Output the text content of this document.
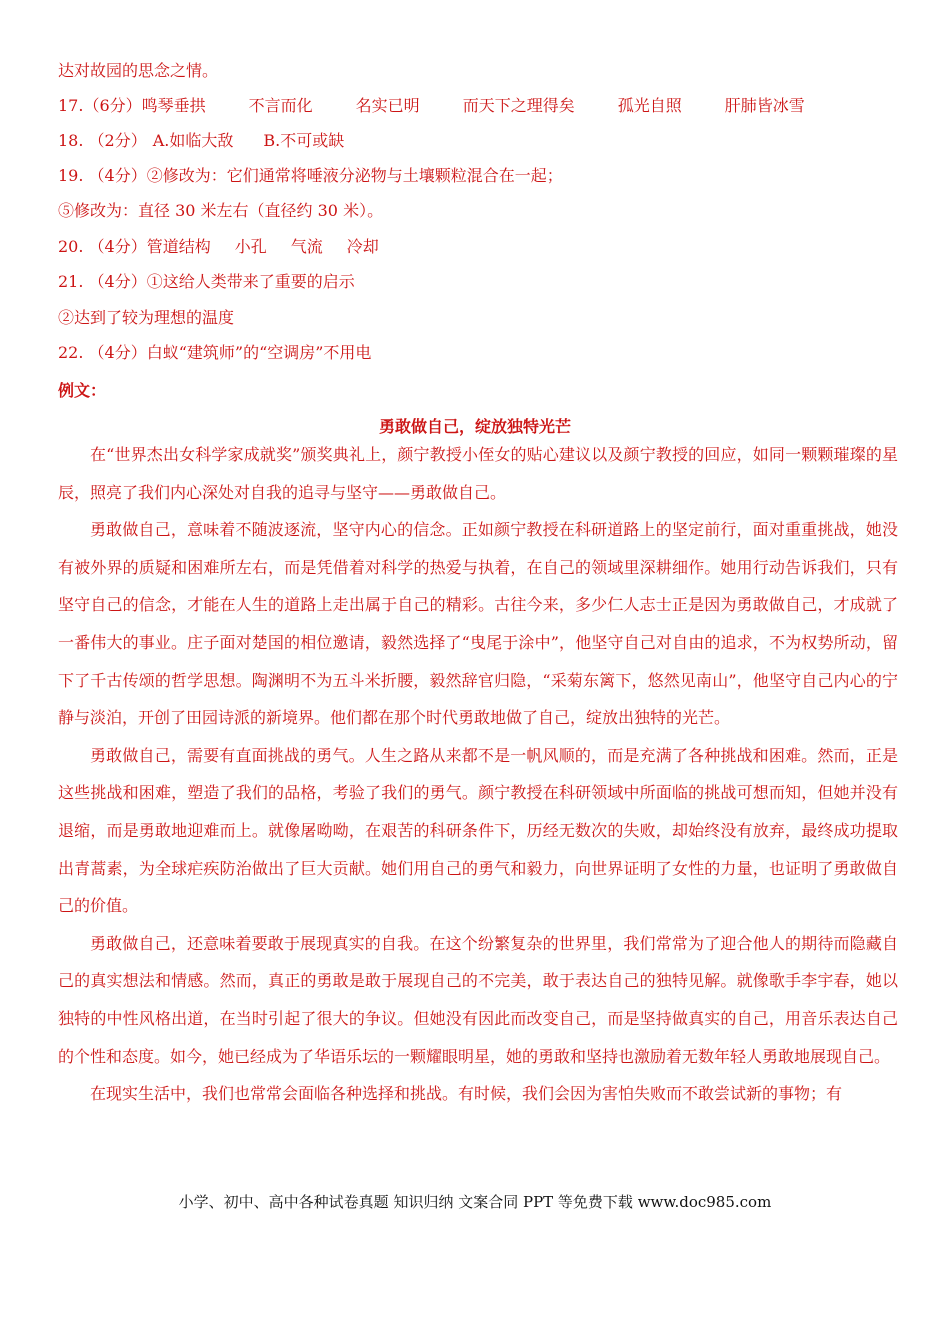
达对故园的思念之情。
17.（6分） 鸣琴垂拱	不言而化	名实已明	而天下之理得矣	孤光自照	肝肺皆冰雪
18. （2分） A.如临大敌 B.不可或缺
19. （4分）②修改为：它们通常将唾液分泌物与土壤颗粒混合在一起；
⑤修改为：直径 30 米左右（直径约 30 米）。
20. （4分） 管道结构 小孔 气流 冷却
21. （4分）①这给人类带来了重要的启示
②达到了较为理想的温度
22. （4分）白蚁“建筑师”的“空调房”不用电
例文：
勇敢做自己，绽放独特光芒

在“世界杰出女科学家成就奖”颁奖典礼上，颜宁教授小侄女的贴心建议以及颜宁教授的回应，如同一颗颗璀璨的星辰，照亮了我们内心深处对自我的追寻与坚守——勇敢做自己。

勇敢做自己，意味着不随波逐流，坚守内心的信念。正如颜宁教授在科研道路上的坚定前行，面对重重挑战，她没有被外界的质疑和困难所左右，而是凭借着对科学的热爱与执着，在自己的领域里深耕细作。她用行动告诉我们，只有坚守自己的信念，才能在人生的道路上走出属于自己的精彩。古往今来，多少仁人志士正是因为勇敢做自己，才成就了一番伟大的事业。庄子面对楚国的相位邀请，毅然选择了“曳尾于涂中”，他坚守自己对自由的追求，不为权势所动，留下了千古传颂的哲学思想。陶渊明不为五斗米折腰，毅然辞官归隐，“采菊东篱下，悠然见南山”，他坚守自己内心的宁静与淡泊，开创了田园诗派的新境界。他们都在那个时代勇敢地做了自己，绽放出独特的光芒。

勇敢做自己，需要有直面挑战的勇气。人生之路从来都不是一帆风顺的，而是充满了各种挑战和困难。然而，正是这些挑战和困难，塑造了我们的品格，考验了我们的勇气。颜宁教授在科研领域中所面临的挑战可想而知，但她并没有退缩，而是勇敢地迎难而上。就像屠呦呦，在艰苦的科研条件下，历经无数次的失败，却始终没有放弃，最终成功提取出青蒿素，为全球疟疾防治做出了巨大贡献。她们用自己的勇气和毅力，向世界证明了女性的力量，也证明了勇敢做自己的价值。

勇敢做自己，还意味着要敢于展现真实的自我。在这个纷繁复杂的世界里，我们常常为了迎合他人的期待而隐藏自己的真实想法和情感。然而，真正的勇敢是敢于展现自己的不完美，敢于表达自己的独特见解。就像歌手李宇春，她以独特的中性风格出道，在当时引起了很大的争议。但她没有因此而改变自己，而是坚持做真实的自己，用音乐表达自己的个性和态度。如今，她已经成为了华语乐坛的一颗耀眼明星，她的勇敢和坚持也激励着无数年轻人勇敢地展现自己。

在现实生活中，我们也常常会面临各种选择和挑战。有时候，我们会因为害怕失败而不敢尝试新的事物；有

小学、初中、高中各种试卷真题 知识归纳 文案合同 PPT 等免费下载 www.doc985.com
